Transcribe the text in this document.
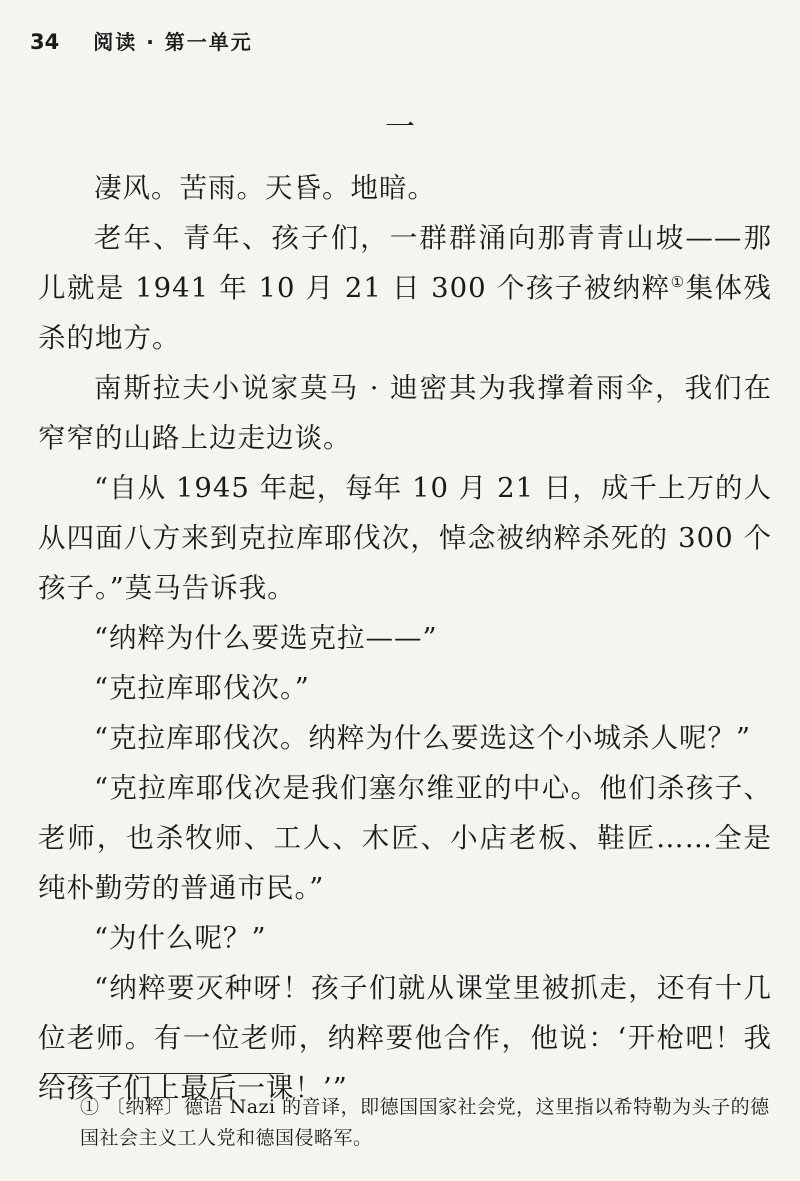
34 阅读 · 第一单元
一

凄风。苦雨。天昏。地暗。

老年、青年、孩子们，一群群涌向那青青山坡——那儿就是 1941 年 10 月 21 日 300 个孩子被纳粹①集体残杀的地方。

南斯拉夫小说家莫马 · 迪密其为我撑着雨伞，我们在窄窄的山路上边走边谈。

“自从 1945 年起，每年 10 月 21 日，成千上万的人从四面八方来到克拉库耶伐次，悼念被纳粹杀死的 300 个孩子。”莫马告诉我。

“纳粹为什么要选克拉——”

“克拉库耶伐次。”

“克拉库耶伐次。纳粹为什么要选这个小城杀人呢？”

“克拉库耶伐次是我们塞尔维亚的中心。他们杀孩子、老师，也杀牧师、工人、木匠、小店老板、鞋匠……全是纯朴勤劳的普通市民。”

“为什么呢？”

“纳粹要灭种呀！孩子们就从课堂里被抓走，还有十几位老师。有一位老师，纳粹要他合作，他说：‘开枪吧！我给孩子们上最后一课！’”

① 〔纳粹〕德语 Nazi 的音译，即德国国家社会党，这里指以希特勒为头子的德国社会主义工人党和德国侵略军。
